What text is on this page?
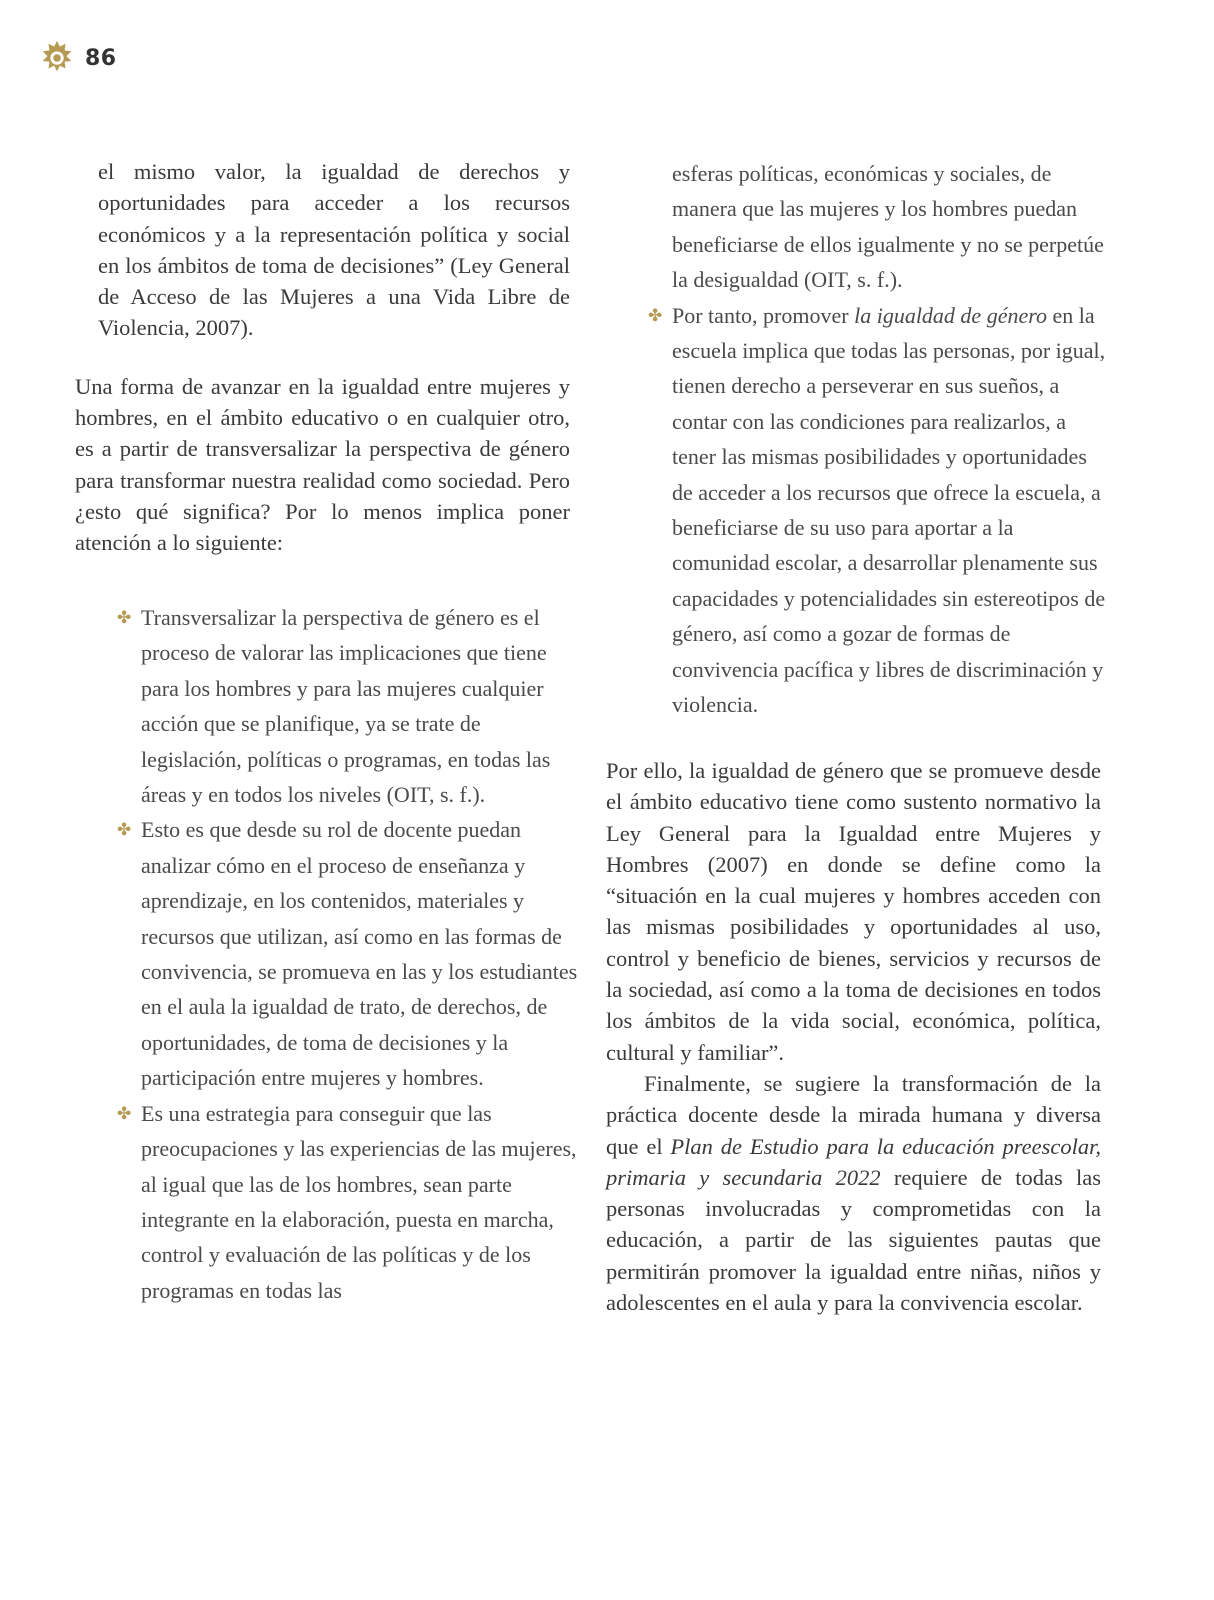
86

el mismo valor, la igualdad de derechos y oportunidades para acceder a los recursos económicos y a la representación política y social en los ámbitos de toma de decisiones” (Ley General de Acceso de las Mujeres a una Vida Libre de Violencia, 2007).

Una forma de avanzar en la igualdad entre mujeres y hombres, en el ámbito educativo o en cualquier otro, es a partir de transversalizar la perspectiva de género para transformar nuestra realidad como sociedad. Pero ¿esto qué significa? Por lo menos implica poner atención a lo siguiente:

✤ Transversalizar la perspectiva de género es el proceso de valorar las implicaciones que tiene para los hombres y para las mujeres cualquier acción que se planifique, ya se trate de legislación, políticas o programas, en todas las áreas y en todos los niveles (OIT, s. f.).
✤ Esto es que desde su rol de docente puedan analizar cómo en el proceso de enseñanza y aprendizaje, en los contenidos, materiales y recursos que utilizan, así como en las formas de convivencia, se promueva en las y los estudiantes en el aula la igualdad de trato, de derechos, de oportunidades, de toma de decisiones y la participación entre mujeres y hombres.
✤ Es una estrategia para conseguir que las preocupaciones y las experiencias de las mujeres, al igual que las de los hombres, sean parte integrante en la elaboración, puesta en marcha, control y evaluación de las políticas y de los programas en todas las
esferas políticas, económicas y sociales, de manera que las mujeres y los hombres puedan beneficiarse de ellos igualmente y no se perpetúe la desigualdad (OIT, s. f.).
✤ Por tanto, promover la igualdad de género en la escuela implica que todas las personas, por igual, tienen derecho a perseverar en sus sueños, a contar con las condiciones para realizarlos, a tener las mismas posibilidades y oportunidades de acceder a los recursos que ofrece la escuela, a beneficiarse de su uso para aportar a la comunidad escolar, a desarrollar plenamente sus capacidades y potencialidades sin estereotipos de género, así como a gozar de formas de convivencia pacífica y libres de discriminación y violencia.

Por ello, la igualdad de género que se promueve desde el ámbito educativo tiene como sustento normativo la Ley General para la Igualdad entre Mujeres y Hombres (2007) en donde se define como la “situación en la cual mujeres y hombres acceden con las mismas posibilidades y oportunidades al uso, control y beneficio de bienes, servicios y recursos de la sociedad, así como a la toma de decisiones en todos los ámbitos de la vida social, económica, política, cultural y familiar”.

Finalmente, se sugiere la transformación de la práctica docente desde la mirada humana y diversa que el Plan de Estudio para la educación preescolar, primaria y secundaria 2022 requiere de todas las personas involucradas y comprometidas con la educación, a partir de las siguientes pautas que permitirán promover la igualdad entre niñas, niños y adolescentes en el aula y para la convivencia escolar.
